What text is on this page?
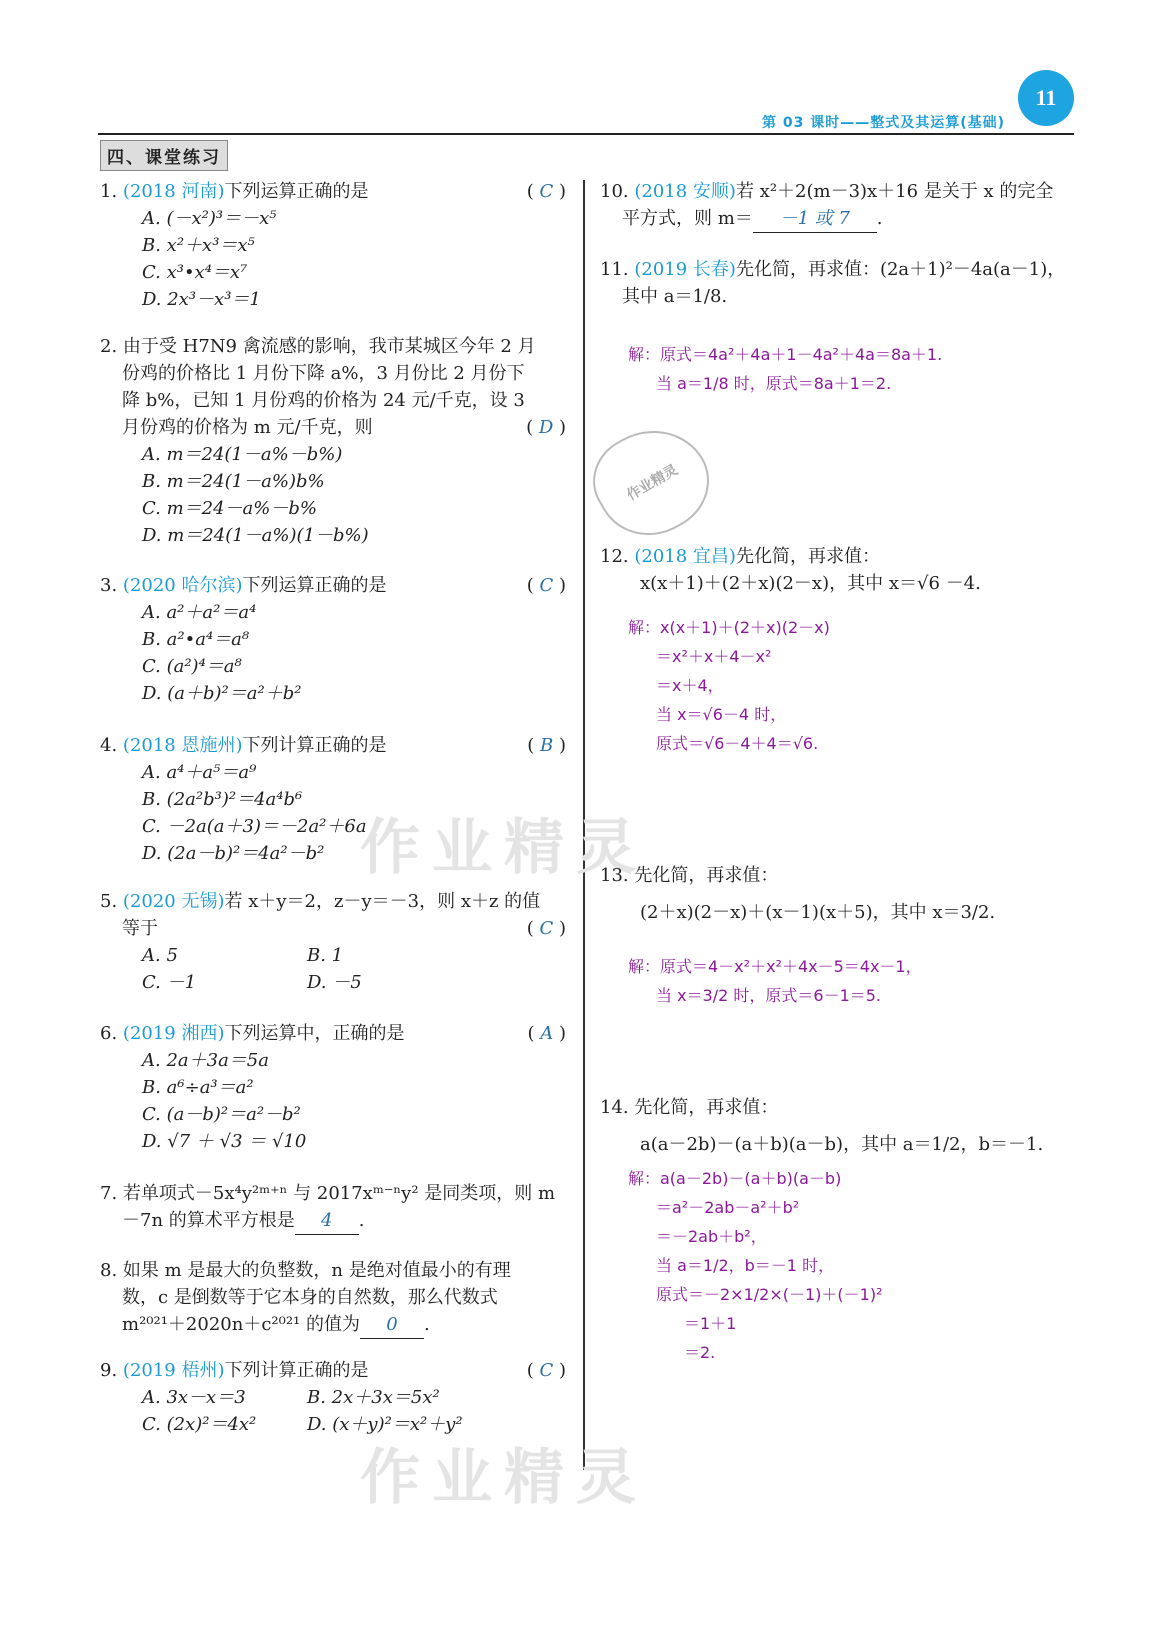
11
第 03 课时——整式及其运算(基础)
四、课堂练习
作业精灵
作业精灵
作业精灵
1. (2018 河南)下列运算正确的是	( C )
A. (－x²)³＝－x⁵
B. x²＋x³＝x⁵
C. x³•x⁴＝x⁷
D. 2x³－x³＝1
2. 由于受 H7N9 禽流感的影响，我市某城区今年 2 月
份鸡的价格比 1 月份下降 a%，3 月份比 2 月份下
降 b%，已知 1 月份鸡的价格为 24 元/千克，设 3
月份鸡的价格为 m 元/千克，则	( D )
A. m＝24(1－a%－b%)
B. m＝24(1－a%)b%
C. m＝24－a%－b%
D. m＝24(1－a%)(1－b%)
3. (2020 哈尔滨)下列运算正确的是	( C )
A. a²＋a²＝a⁴
B. a²•a⁴＝a⁸
C. (a²)⁴＝a⁸
D. (a＋b)²＝a²＋b²
4. (2018 恩施州)下列计算正确的是	( B )
A. a⁴＋a⁵＝a⁹
B. (2a²b³)²＝4a⁴b⁶
C. －2a(a＋3)＝－2a²＋6a
D. (2a－b)²＝4a²－b²
5. (2020 无锡)若 x＋y＝2，z－y＝－3，则 x＋z 的值
等于	( C )
A. 5	B. 1
C. －1	D. －5
6. (2019 湘西)下列运算中，正确的是	( A )
A. 2a＋3a＝5a
B. a⁶÷a³＝a²
C. (a－b)²＝a²－b²
D. √7 ＋ √3 ＝ √10
7. 若单项式－5x⁴y²ᵐ⁺ⁿ 与 2017xᵐ⁻ⁿy² 是同类项，则 m
－7n 的算术平方根是 4 .
8. 如果 m 是最大的负整数，n 是绝对值最小的有理
数，c 是倒数等于它本身的自然数，那么代数式
m²⁰²¹＋2020n＋c²⁰²¹ 的值为 0 .
9. (2019 梧州)下列计算正确的是	( C )
A. 3x－x＝3	B. 2x＋3x＝5x²
C. (2x)²＝4x²	D. (x＋y)²＝x²＋y²
10. (2018 安顺)若 x²＋2(m－3)x＋16 是关于 x 的完全
平方式，则 m＝ －1 或 7 .
11. (2019 长春)先化简，再求值：(2a＋1)²－4a(a－1)，
其中 a＝1/8.
解：原式＝4a²＋4a＋1－4a²＋4a＝8a＋1.
当 a＝1/8 时，原式＝8a＋1＝2.
12. (2018 宜昌)先化简，再求值：
x(x＋1)＋(2＋x)(2－x)，其中 x＝√6 －4.
解：x(x＋1)＋(2＋x)(2－x)
＝x²＋x＋4－x²
＝x＋4，
当 x＝√6－4 时，
原式＝√6－4＋4＝√6.
13. 先化简，再求值：
(2＋x)(2－x)＋(x－1)(x＋5)，其中 x＝3/2.
解：原式＝4－x²＋x²＋4x－5＝4x－1，
当 x＝3/2 时，原式＝6－1＝5.
14. 先化简，再求值：
a(a－2b)－(a＋b)(a－b)，其中 a＝1/2，b＝－1.
解：a(a－2b)－(a＋b)(a－b)
＝a²－2ab－a²＋b²
＝－2ab＋b²，
当 a＝1/2，b＝－1 时，
原式＝－2×1/2×(－1)＋(－1)²
＝1＋1
＝2.
